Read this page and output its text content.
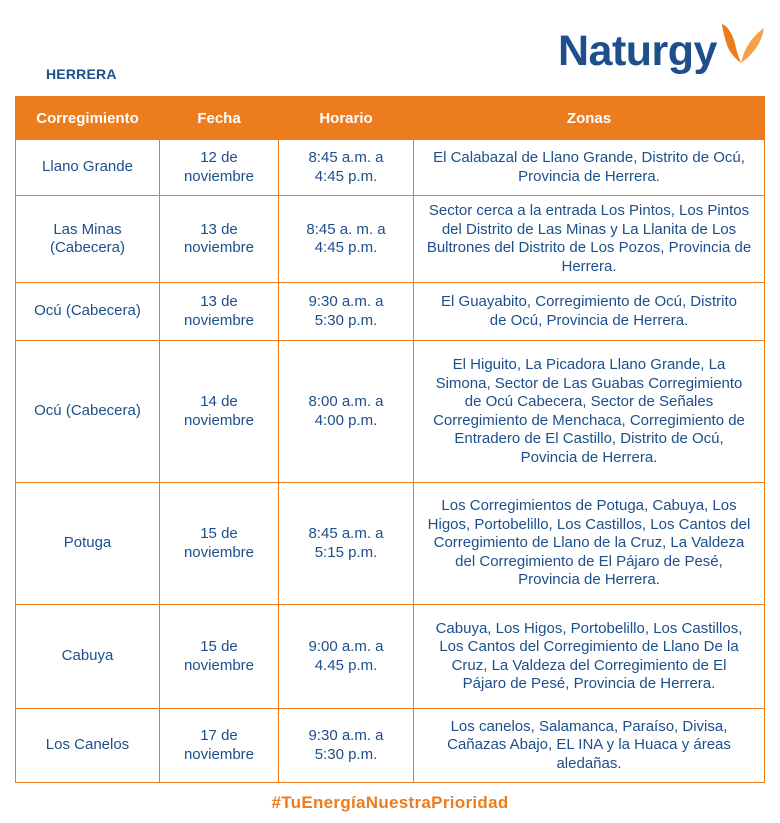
HERRERA	Naturgy
Corregimiento	Fecha	Horario	Zonas
Llano Grande	12 de noviembre	8:45 a.m. a 4:45 p.m.	El Calabazal de Llano Grande, Distrito de Ocú, Provincia de Herrera.
Las Minas (Cabecera)	13 de noviembre	8:45 a. m. a 4:45 p.m.	Sector cerca a la entrada Los Pintos, Los Pintos del Distrito de Las Minas y La Llanita de Los Bultrones del Distrito de Los Pozos, Provincia de Herrera.
Ocú (Cabecera)	13 de noviembre	9:30 a.m. a 5:30 p.m.	El Guayabito, Corregimiento de Ocú, Distrito de Ocú, Provincia de Herrera.
Ocú (Cabecera)	14 de noviembre	8:00 a.m. a 4:00 p.m.	El Higuito, La Picadora Llano Grande, La Simona, Sector de Las Guabas Corregimiento de Ocú Cabecera, Sector de Señales Corregimiento de Menchaca, Corregimiento de Entradero de El Castillo, Distrito de Ocú, Povincia de Herrera.
Potuga	15 de noviembre	8:45 a.m. a 5:15 p.m.	Los Corregimientos de Potuga, Cabuya, Los Higos, Portobelillo, Los Castillos, Los Cantos del Corregimiento de Llano de la Cruz, La Valdeza del Corregimiento de El Pájaro de Pesé, Provincia de Herrera.
Cabuya	15 de noviembre	9:00 a.m. a 4.45 p.m.	Cabuya, Los Higos, Portobelillo, Los Castillos, Los Cantos del Corregimiento de Llano De la Cruz, La Valdeza del Corregimiento de El Pájaro de Pesé, Provincia de Herrera.
Los Canelos	17 de noviembre	9:30 a.m. a 5:30 p.m.	Los canelos, Salamanca, Paraíso, Divisa, Cañazas Abajo, EL INA y la Huaca y áreas aledañas.
#TuEnergíaNuestraPrioridad
